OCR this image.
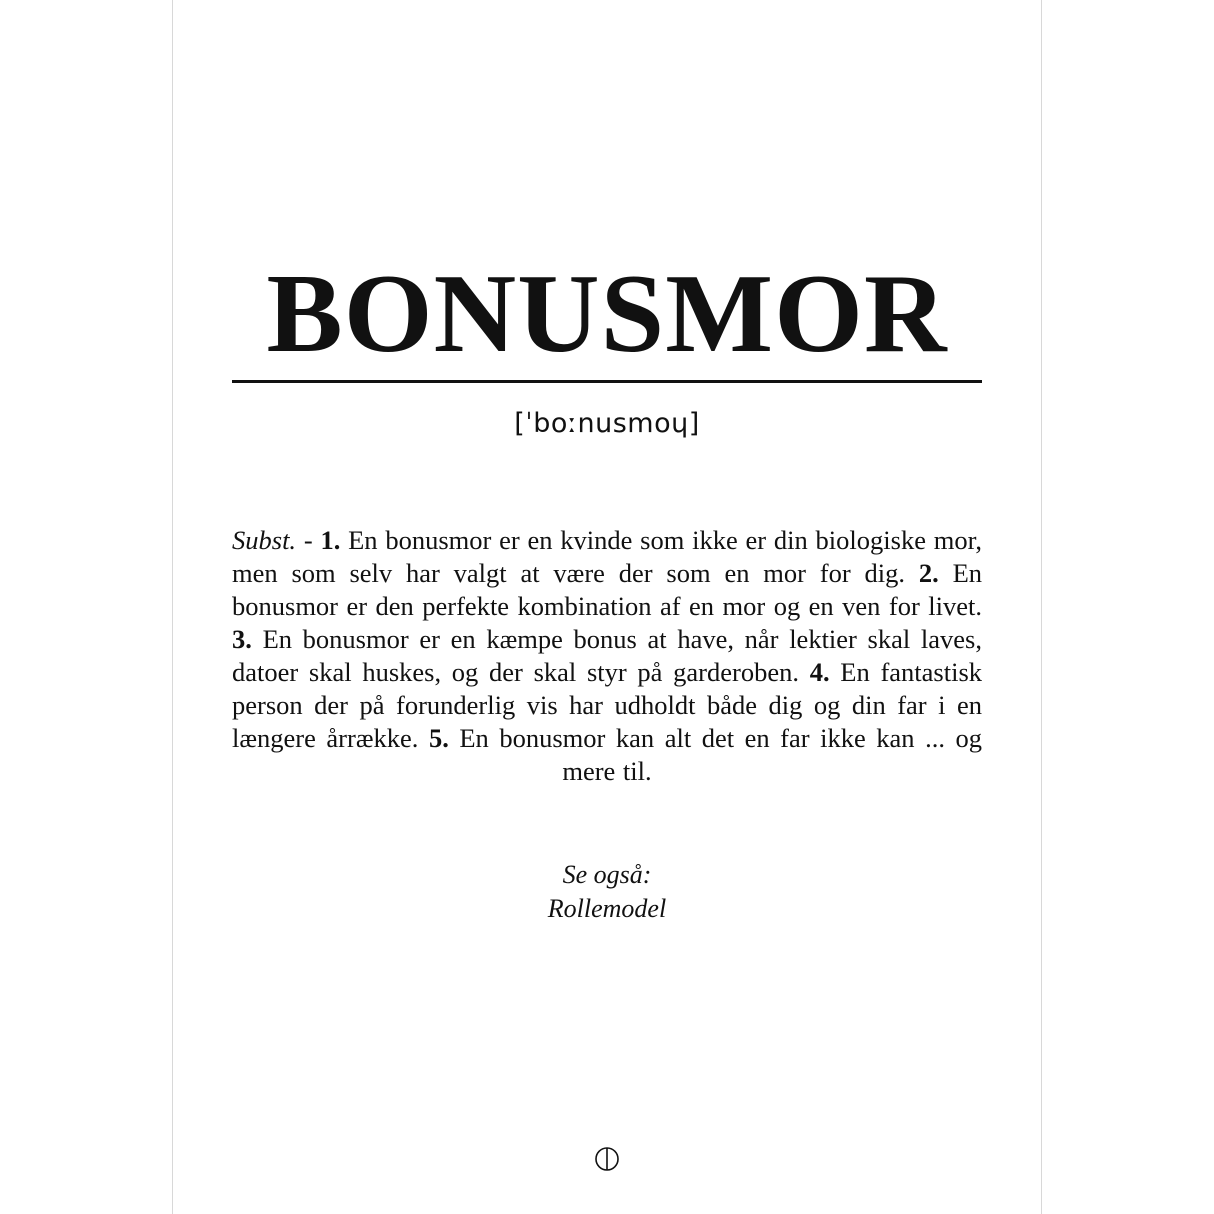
BONUSMOR
[ˈboːnusmoɥ]
Subst. - 1. En bonusmor er en kvinde som ikke er din biologiske mor, men som selv har valgt at være der som en mor for dig. 2. En bonusmor er den perfekte kombination af en mor og en ven for livet. 3. En bonusmor er en kæmpe bonus at have, når lektier skal laves, datoer skal huskes, og der skal styr på garderoben. 4. En fantastisk person der på forunderlig vis har udholdt både dig og din far i en længere årrække. 5. En bonusmor kan alt det en far ikke kan ... og mere til.
Se også:
Rollemodel
